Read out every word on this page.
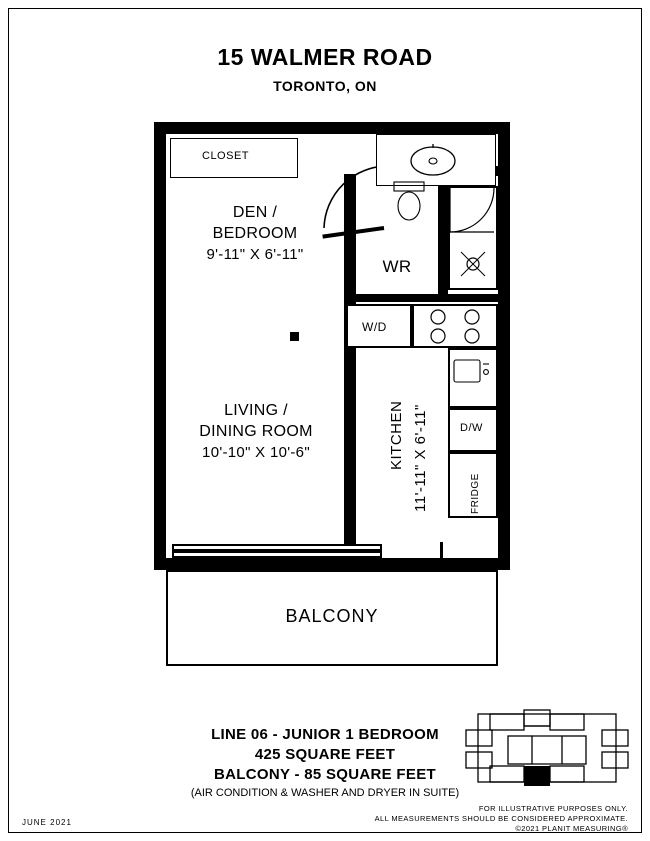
15 WALMER ROAD
TORONTO, ON
CLOSET
DEN /
BEDROOM
9'-11" X 6'-11"
WR
W/D
D/W
FRIDGE
KITCHEN 11'-11" X 6'-11"
LIVING /
DINING ROOM
10'-10" X 10'-6"
BALCONY
LINE 06 - JUNIOR 1 BEDROOM
425 SQUARE FEET
BALCONY - 85 SQUARE FEET
(AIR CONDITION & WASHER AND DRYER IN SUITE)
JUNE 2021
FOR ILLUSTRATIVE PURPOSES ONLY.
ALL MEASUREMENTS SHOULD BE CONSIDERED APPROXIMATE.
©2021 PLANIT MEASURING®
